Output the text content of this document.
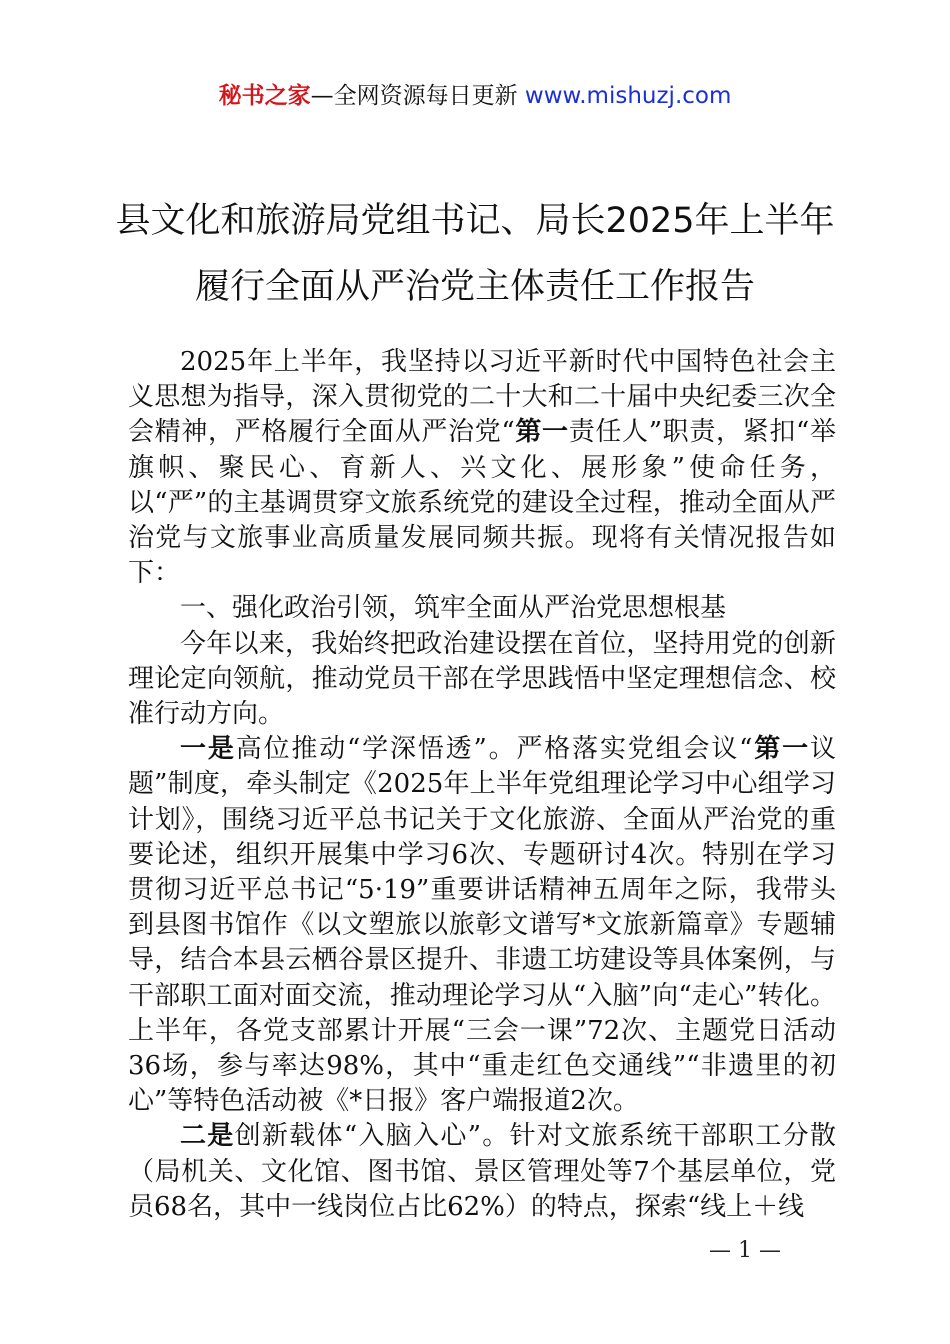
秘书之家—全网资源每日更新 www.mishuzj.com
县文化和旅游局党组书记、局长2025年上半年履行全面从严治党主体责任工作报告

2025年上半年，我坚持以习近平新时代中国特色社会主义思想为指导，深入贯彻党的二十大和二十届中央纪委三次全会精神，严格履行全面从严治党“第一责任人”职责，紧扣“举旗帜、聚民心、育新人、兴文化、展形象”使命任务，以“严”的主基调贯穿文旅系统党的建设全过程，推动全面从严治党与文旅事业高质量发展同频共振。现将有关情况报告如下：

一、强化政治引领，筑牢全面从严治党思想根基

今年以来，我始终把政治建设摆在首位，坚持用党的创新理论定向领航，推动党员干部在学思践悟中坚定理想信念、校准行动方向。

一是高位推动“学深悟透”。严格落实党组会议“第一议题”制度，牵头制定《2025年上半年党组理论学习中心组学习计划》，围绕习近平总书记关于文化旅游、全面从严治党的重要论述，组织开展集中学习6次、专题研讨4次。特别在学习贯彻习近平总书记“5·19”重要讲话精神五周年之际，我带头到县图书馆作《以文塑旅以旅彰文谱写*文旅新篇章》专题辅导，结合本县云栖谷景区提升、非遗工坊建设等具体案例，与干部职工面对面交流，推动理论学习从“入脑”向“走心”转化。上半年，各党支部累计开展“三会一课”72次、主题党日活动36场，参与率达98%，其中“重走红色交通线”“非遗里的初心”等特色活动被《*日报》客户端报道2次。

二是创新载体“入脑入心”。针对文旅系统干部职工分散（局机关、文化馆、图书馆、景区管理处等7个基层单位，党员68名，其中一线岗位占比62%）的特点，探索“线上＋线

— 1 —
